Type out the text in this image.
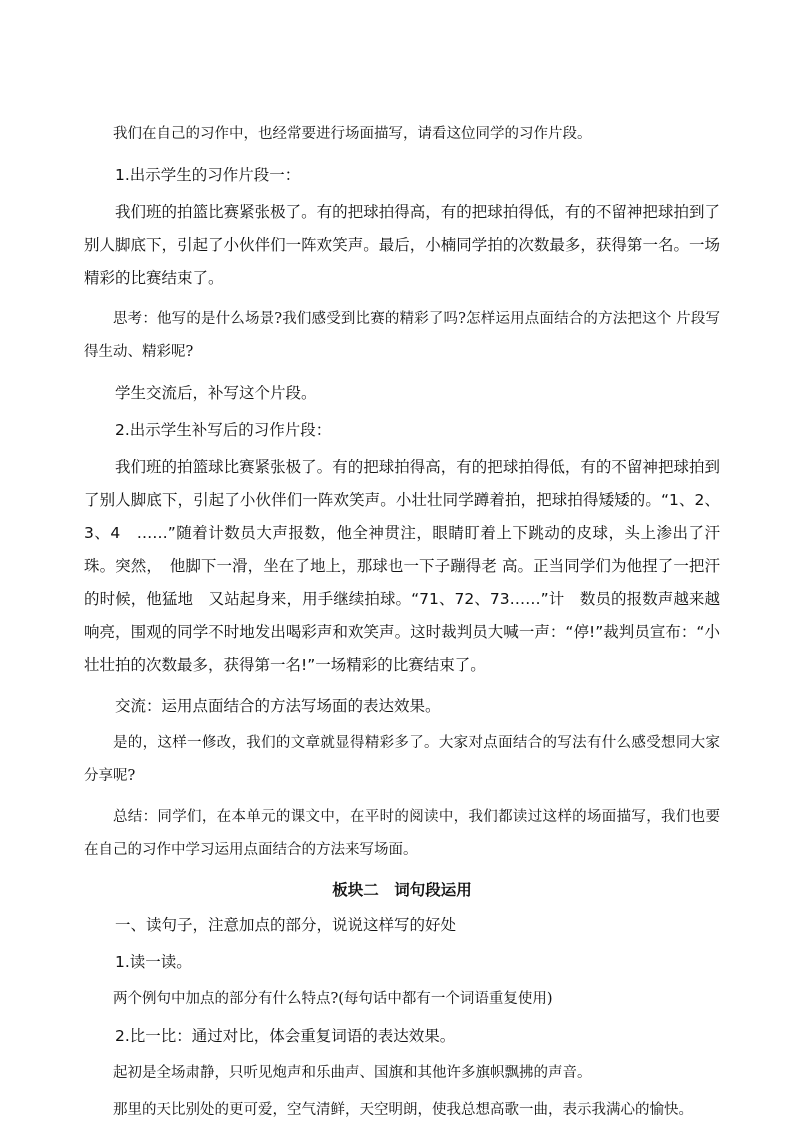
我们在自己的习作中，也经常要进行场面描写，请看这位同学的习作片段。

1.出示学生的习作片段一：

我们班的拍篮比赛紧张极了。有的把球拍得高，有的把球拍得低，有的不留神把球拍到了别人脚底下，引起了小伙伴们一阵欢笑声。最后，小楠同学拍的次数最多，获得第一名。一场精彩的比赛结束了。

思考：他写的是什么场景?我们感受到比赛的精彩了吗?怎样运用点面结合的方法把这个 片段写得生动、精彩呢?

学生交流后，补写这个片段。

2.出示学生补写后的习作片段：

我们班的拍篮球比赛紧张极了。有的把球拍得高，有的把球拍得低，有的不留神把球拍到了别人脚底下，引起了小伙伴们一阵欢笑声。小壮壮同学蹲着拍，把球拍得矮矮的。“1、2、3、4　……”随着计数员大声报数，他全神贯注，眼睛盯着上下跳动的皮球，头上渗出了汗珠。突然，　他脚下一滑，坐在了地上，那球也一下子蹦得老 高。正当同学们为他捏了一把汗的时候，他猛地　又站起身来，用手继续拍球。“71、72、73……”计　数员的报数声越来越响亮，围观的同学不时地发出喝彩声和欢笑声。这时裁判员大喊一声：“停!”裁判员宣布：“小壮壮拍的次数最多，获得第一名!”一场精彩的比赛结束了。

交流：运用点面结合的方法写场面的表达效果。

是的，这样一修改，我们的文章就显得精彩多了。大家对点面结合的写法有什么感受想同大家分享呢?

总结：同学们，在本单元的课文中，在平时的阅读中，我们都读过这样的场面描写，我们也要在自己的习作中学习运用点面结合的方法来写场面。

板块二　词句段运用

一、读句子，注意加点的部分，说说这样写的好处

1.读一读。

两个例句中加点的部分有什么特点?(每句话中都有一个词语重复使用)

2.比一比：通过对比，体会重复词语的表达效果。

起初是全场肃静，只听见炮声和乐曲声、国旗和其他许多旗帜飘拂的声音。

那里的天比别处的更可爱，空气清鲜，天空明朗，使我总想高歌一曲，表示我满心的愉快。
